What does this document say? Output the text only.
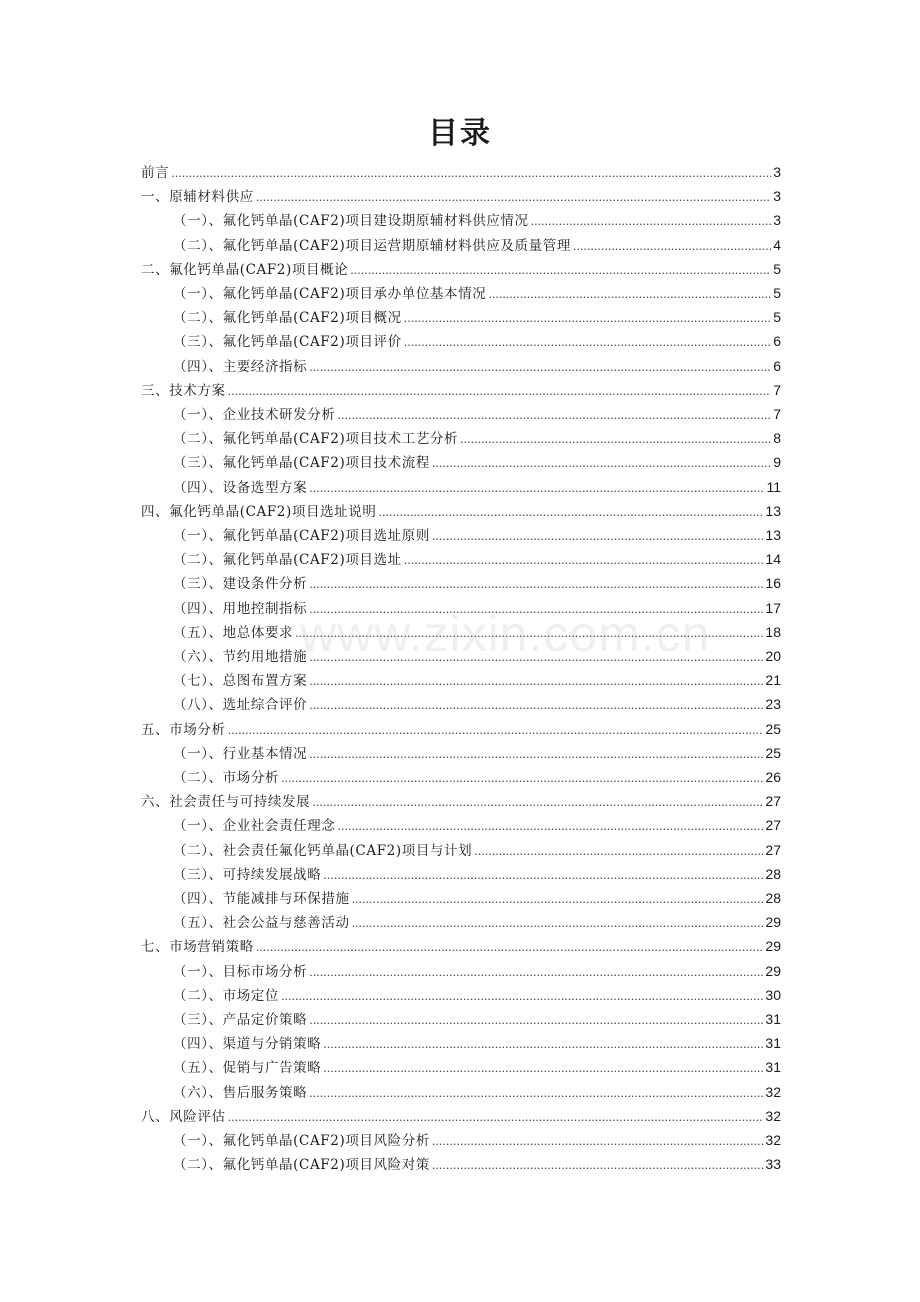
目录
前言 .....	3
一、原辅材料供应 .....	3
（一）、氟化钙单晶(CAF2)项目建设期原辅材料供应情况 .....	3
（二）、氟化钙单晶(CAF2)项目运营期原辅材料供应及质量管理 .....	4
二、氟化钙单晶(CAF2)项目概论 .....	5
（一）、氟化钙单晶(CAF2)项目承办单位基本情况 .....	5
（二）、氟化钙单晶(CAF2)项目概况 .....	5
（三）、氟化钙单晶(CAF2)项目评价 .....	6
（四）、主要经济指标 .....	6
三、技术方案 .....	7
（一）、企业技术研发分析 .....	7
（二）、氟化钙单晶(CAF2)项目技术工艺分析 .....	8
（三）、氟化钙单晶(CAF2)项目技术流程 .....	9
（四）、设备选型方案 .....	11
四、氟化钙单晶(CAF2)项目选址说明 .....	13
（一）、氟化钙单晶(CAF2)项目选址原则 .....	13
（二）、氟化钙单晶(CAF2)项目选址 .....	14
（三）、建设条件分析 .....	16
（四）、用地控制指标 .....	17
（五）、地总体要求 .....	18
（六）、节约用地措施 .....	20
（七）、总图布置方案 .....	21
（八）、选址综合评价 .....	23
五、市场分析 .....	25
（一）、行业基本情况 .....	25
（二）、市场分析 .....	26
六、社会责任与可持续发展 .....	27
（一）、企业社会责任理念 .....	27
（二）、社会责任氟化钙单晶(CAF2)项目与计划 .....	27
（三）、可持续发展战略 .....	28
（四）、节能减排与环保措施 .....	28
（五）、社会公益与慈善活动 .....	29
七、市场营销策略 .....	29
（一）、目标市场分析 .....	29
（二）、市场定位 .....	30
（三）、产品定价策略 .....	31
（四）、渠道与分销策略 .....	31
（五）、促销与广告策略 .....	31
（六）、售后服务策略 .....	32
八、风险评估 .....	32
（一）、氟化钙单晶(CAF2)项目风险分析 .....	32
（二）、氟化钙单晶(CAF2)项目风险对策 .....	33
www.zixin.com.cn
